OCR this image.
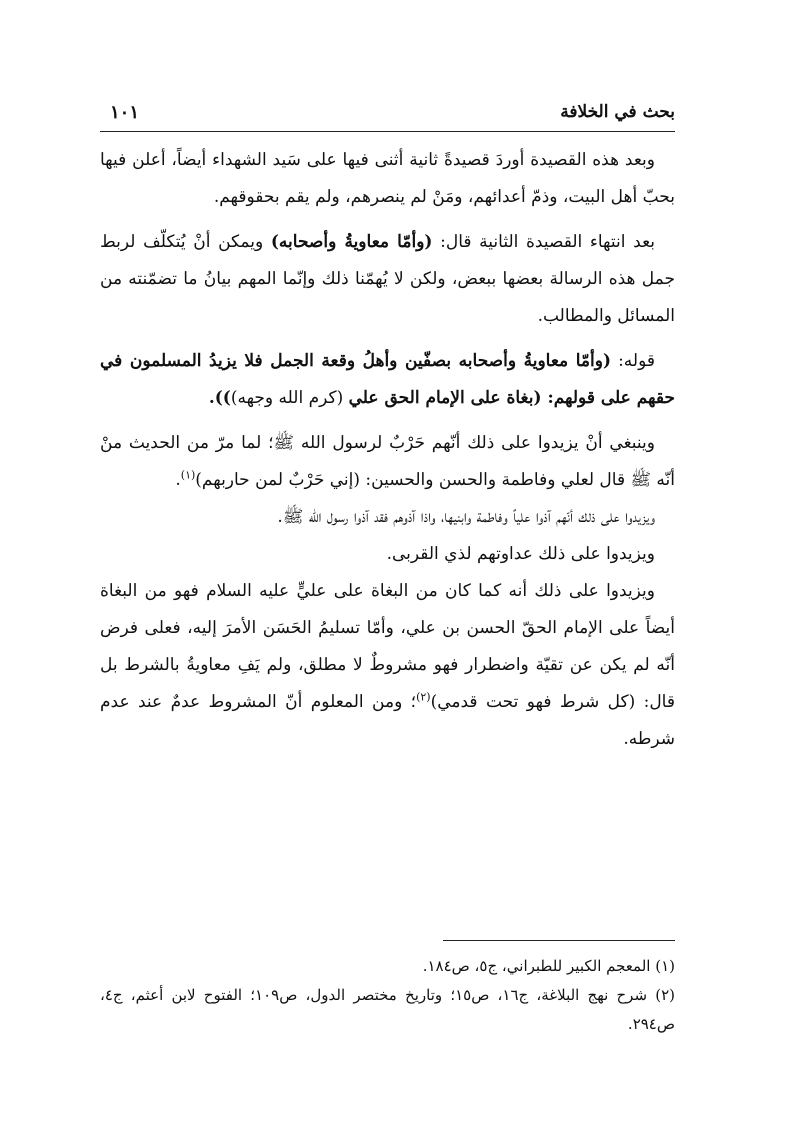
بحث في الخلافة
١٠١

وبعد هذه القصيدة أوردَ قصيدةً ثانية أثنى فيها على سَيد الشهداء أيضاً، أعلن فيها بحبّ أهل البيت، وذمّ أعدائهم، ومَنْ لم ينصرهم، ولم يقم بحقوقهم.

بعد انتهاء القصيدة الثانية قال: (وأمّا معاويةُ وأصحابه) ويمكن أنْ يُتكلّف لربط جمل هذه الرسالة بعضها ببعض، ولكن لا يُهمّنا ذلك وإنّما المهم بيانُ ما تضمّنته من المسائل والمطالب.

قوله: (وأمّا معاويةُ وأصحابه بصفّين وأهلُ وقعة الجمل فلا يزيدُ المسلمون في حقهم على قولهم: (بغاة على الإمام الحق علي (كرم الله وجهه))).

وينبغي أنْ يزيدوا على ذلك أنّهم حَرْبٌ لرسول الله ﷺ؛ لما مرّ من الحديث منْ أنّه ﷺ قال لعلي وفاطمة والحسن والحسين: (إني حَرْبٌ لمن حاربهم)$^{(١)}$.

ويزيدوا على ذلك أنّهم آذوا علياً وفاطمة وابنيها، واذا آذوهم فقد آذوا رسول الله ﷺ.

ويزيدوا على ذلك عداوتهم لذي القربى.

ويزيدوا على ذلك أنه كما كان من البغاة على عليٍّ عليه السلام فهو من البغاة أيضاً على الإمام الحقّ الحسن بن علي، وأمّا تسليمُ الحَسَن الأمرَ إليه، فعلى فرض أنّه لم يكن عن تقيّة واضطرار فهو مشروطٌ لا مطلق، ولم يَفِ معاويةُ بالشرط بل قال: (كل شرط فهو تحت قدمي)$^{(٢)}$؛ ومن المعلوم أنّ المشروط عدمٌ عند عدم شرطه.

(١) المعجم الكبير للطبراني، ج٥، ص١٨٤.

(٢) شرح نهج البلاغة، ج١٦، ص١٥؛ وتاريخ مختصر الدول، ص١٠٩؛ الفتوح لابن أعثم، ج٤، ص٢٩٤.
